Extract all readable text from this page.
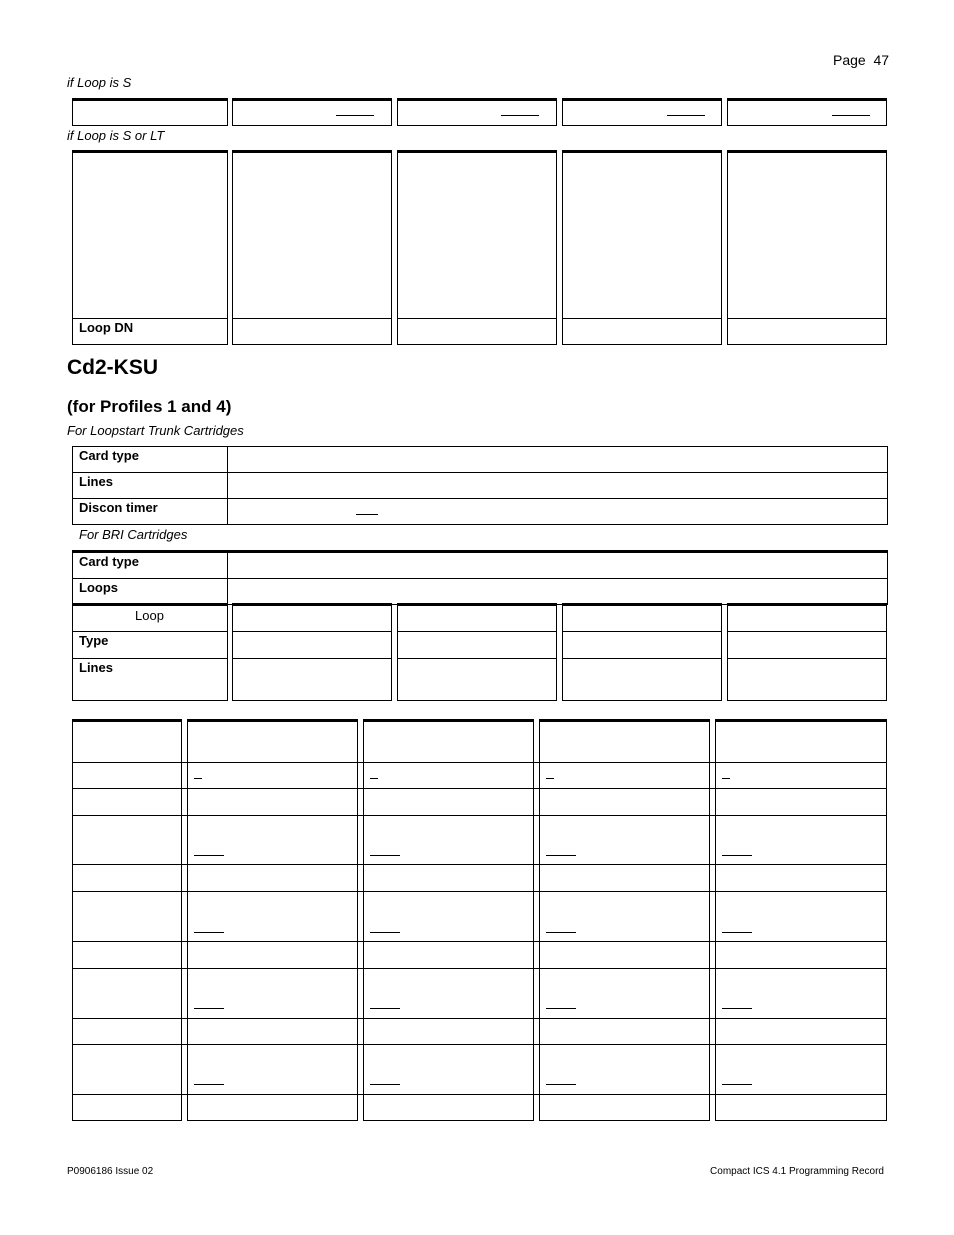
Page 47
if Loop is S
if Loop is S or LT
Loop DN
Cd2-KSU
(for Profiles 1 and 4)
For Loopstart Trunk Cartridges
Card type
Lines
Discon timer
For BRI Cartridges
Card type
Loops
Loop
Type
Lines
P0906186 Issue 02	Compact ICS 4.1 Programming Record
